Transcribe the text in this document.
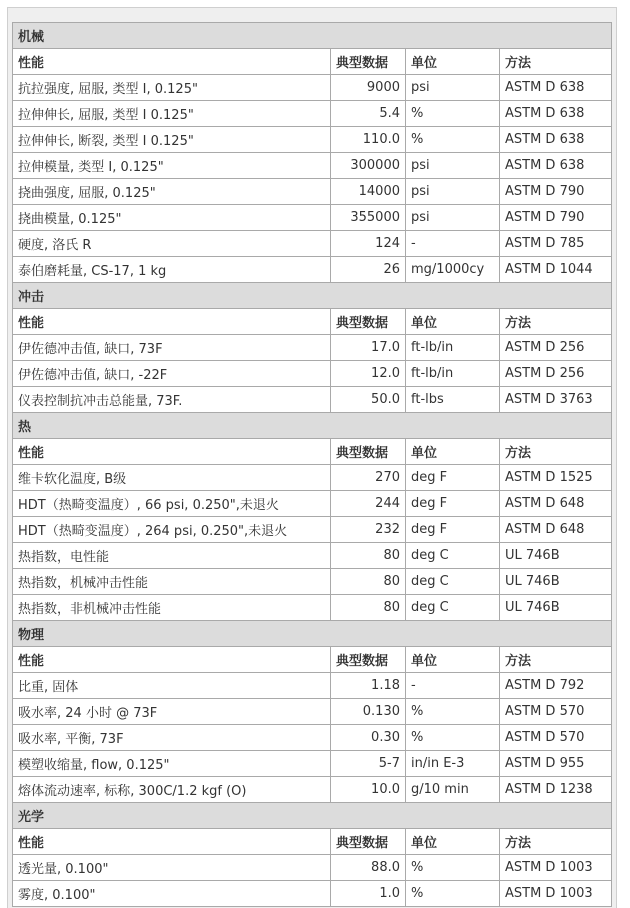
机械			
性能	典型数据	单位	方法
抗拉强度, 屈服, 类型 I, 0.125"	9000	psi	ASTM D 638
拉伸伸长, 屈服, 类型 I 0.125"	5.4	%	ASTM D 638
拉伸伸长, 断裂, 类型 I 0.125"	110.0	%	ASTM D 638
拉伸模量, 类型 I, 0.125"	300000	psi	ASTM D 638
挠曲强度, 屈服, 0.125"	14000	psi	ASTM D 790
挠曲模量, 0.125"	355000	psi	ASTM D 790
硬度, 洛氏 R	124	-	ASTM D 785
泰伯磨耗量, CS-17, 1 kg	26	mg/1000cy	ASTM D 1044
冲击			
性能	典型数据	单位	方法
伊佐德冲击值, 缺口, 73F	17.0	ft-lb/in	ASTM D 256
伊佐德冲击值, 缺口, -22F	12.0	ft-lb/in	ASTM D 256
仪表控制抗冲击总能量, 73F.	50.0	ft-lbs	ASTM D 3763
热			
性能	典型数据	单位	方法
维卡软化温度, B级	270	deg F	ASTM D 1525
HDT（热畸变温度）, 66 psi, 0.250",未退火	244	deg F	ASTM D 648
HDT（热畸变温度）, 264 psi, 0.250",未退火	232	deg F	ASTM D 648
热指数，电性能	80	deg C	UL 746B
热指数，机械冲击性能	80	deg C	UL 746B
热指数，非机械冲击性能	80	deg C	UL 746B
物理			
性能	典型数据	单位	方法
比重, 固体	1.18	-	ASTM D 792
吸水率, 24 小时 @ 73F	0.130	%	ASTM D 570
吸水率, 平衡, 73F	0.30	%	ASTM D 570
模塑收缩量, flow, 0.125"	5-7	in/in E-3	ASTM D 955
熔体流动速率, 标称, 300C/1.2 kgf (O)	10.0	g/10 min	ASTM D 1238
光学			
性能	典型数据	单位	方法
透光量, 0.100"	88.0	%	ASTM D 1003
雾度, 0.100"	1.0	%	ASTM D 1003
